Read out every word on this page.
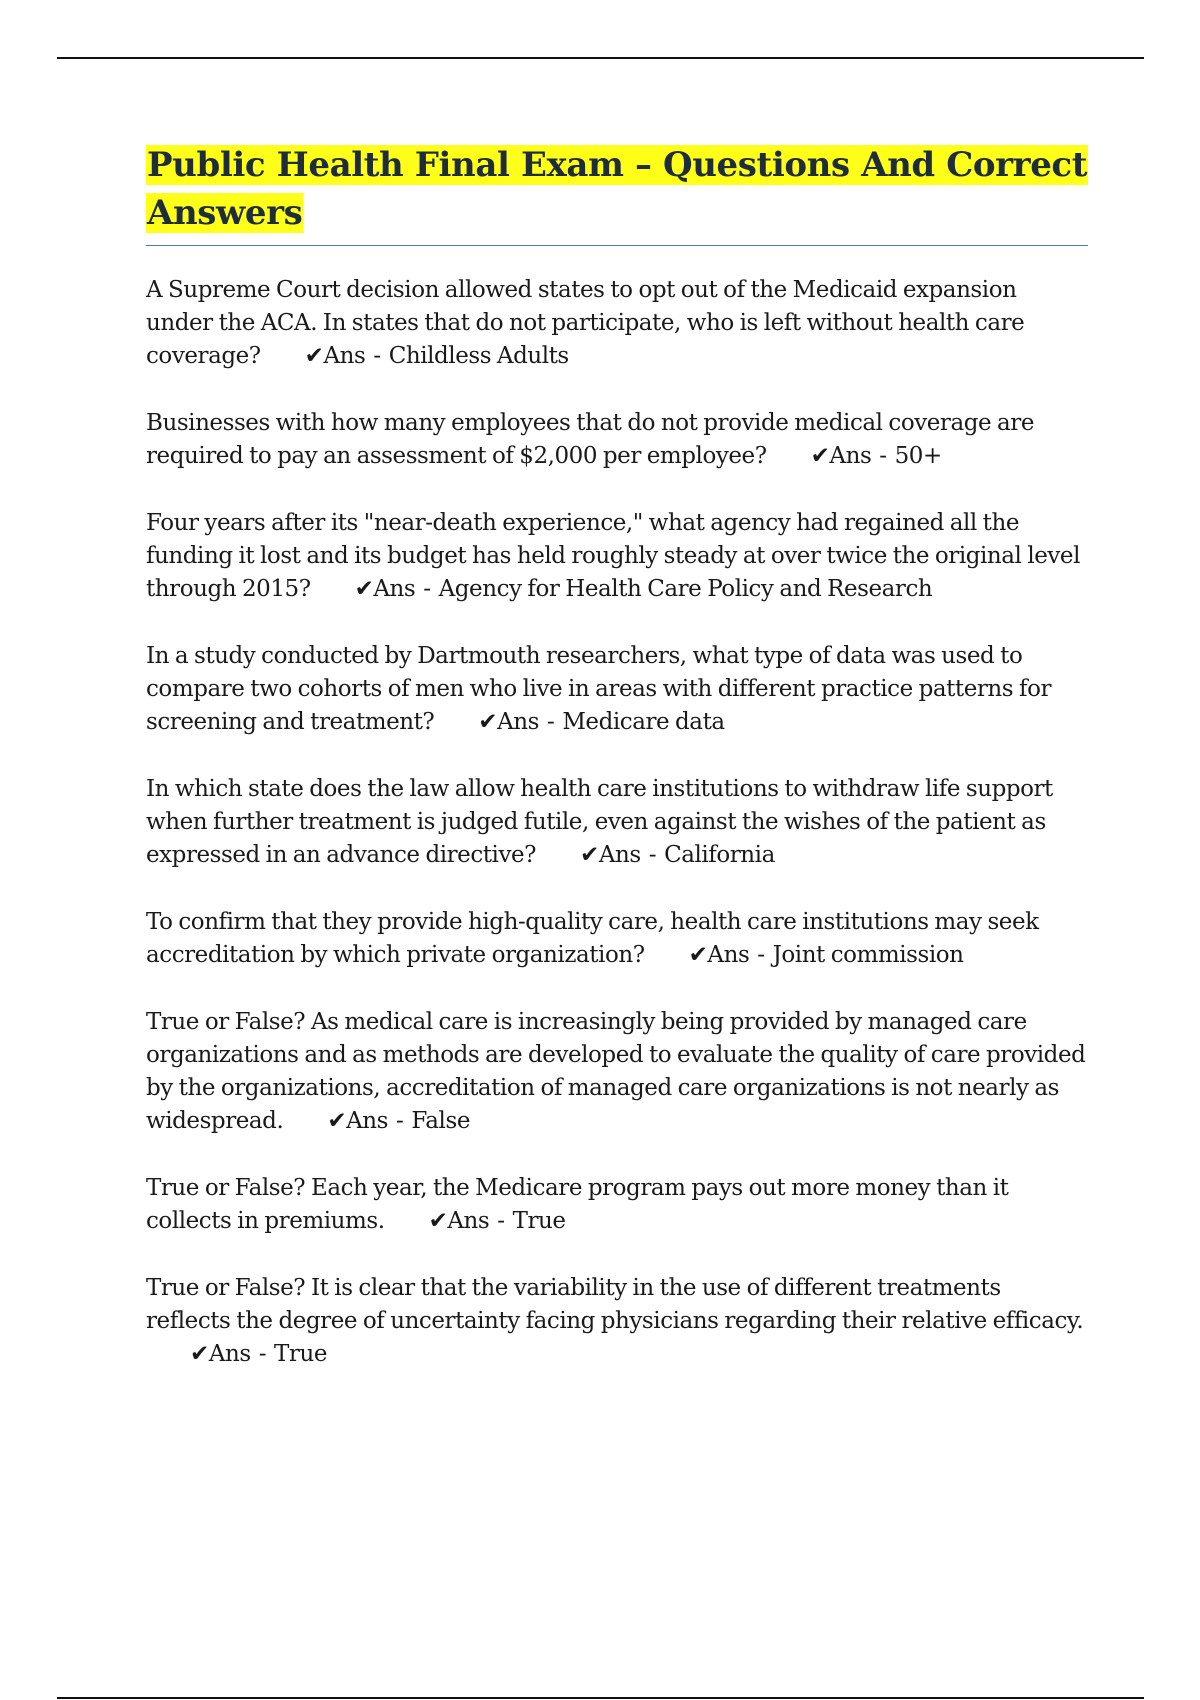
Public Health Final Exam – Questions And Correct Answers

A Supreme Court decision allowed states to opt out of the Medicaid expansion under the ACA. In states that do not participate, who is left without health care coverage? ✔Ans - Childless Adults

Businesses with how many employees that do not provide medical coverage are required to pay an assessment of $2,000 per employee? ✔Ans - 50+

Four years after its "near-death experience," what agency had regained all the funding it lost and its budget has held roughly steady at over twice the original level through 2015? ✔Ans - Agency for Health Care Policy and Research

In a study conducted by Dartmouth researchers, what type of data was used to compare two cohorts of men who live in areas with different practice patterns for screening and treatment? ✔Ans - Medicare data

In which state does the law allow health care institutions to withdraw life support when further treatment is judged futile, even against the wishes of the patient as expressed in an advance directive? ✔Ans - California

To confirm that they provide high-quality care, health care institutions may seek accreditation by which private organization? ✔Ans - Joint commission

True or False? As medical care is increasingly being provided by managed care organizations and as methods are developed to evaluate the quality of care provided by the organizations, accreditation of managed care organizations is not nearly as widespread. ✔Ans - False

True or False? Each year, the Medicare program pays out more money than it collects in premiums. ✔Ans - True

True or False? It is clear that the variability in the use of different treatments reflects the degree of uncertainty facing physicians regarding their relative efficacy.✔Ans - True
